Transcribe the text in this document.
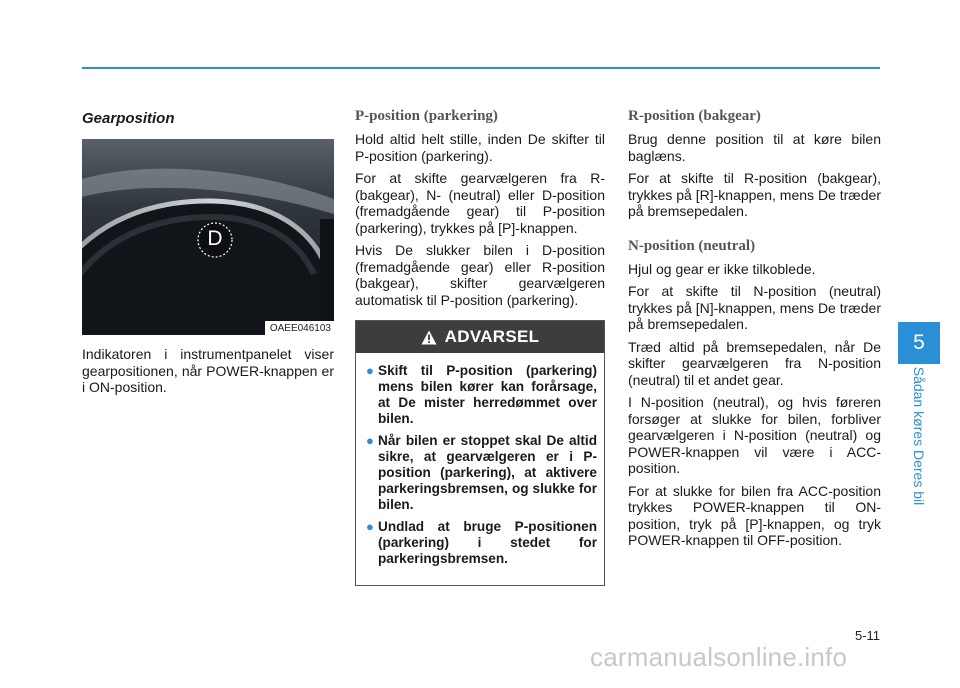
Gearposition
D
OAEE046103

Indikatoren i instrumentpanelet viser gearpositionen, når POWER-knappen er i ON-position.

P-position (parkering)

Hold altid helt stille, inden De skifter til P-position (parkering).

For at skifte gearvælgeren fra R- (bakgear), N- (neutral) eller D-position (fremadgående gear) til P-position (parkering), trykkes på [P]-knappen.

Hvis De slukker bilen i D-position (fremadgående gear) eller R-position (bakgear), skifter gearvælgeren automatisk til P-position (parkering).

ADVARSEL
● Skift til P-position (parkering) mens bilen kører kan forårsage, at De mister herredømmet over bilen.
● Når bilen er stoppet skal De altid sikre, at gearvælgeren er i P-position (parkering), at aktivere parkeringsbremsen, og slukke for bilen.
● Undlad at bruge P-positionen (parkering) i stedet for parkeringsbremsen.
R-position (bakgear)

Brug denne position til at køre bilen baglæns.

For at skifte til R-position (bakgear), trykkes på [R]-knappen, mens De træder på bremsepedalen.

N-position (neutral)

Hjul og gear er ikke tilkoblede.

For at skifte til N-position (neutral) trykkes på [N]-knappen, mens De træder på bremsepedalen.

Træd altid på bremsepedalen, når De skifter gearvælgeren fra N-position (neutral) til et andet gear.

I N-position (neutral), og hvis føreren forsøger at slukke for bilen, forbliver gearvælgeren i N-position (neutral) og POWER-knappen vil være i ACC-position.

For at slukke for bilen fra ACC-position trykkes POWER-knappen til ON-position, tryk på [P]-knappen, og tryk POWER-knappen til OFF-position.

5
Sådan køres Deres bil
5-11
carmanualsonline.info
